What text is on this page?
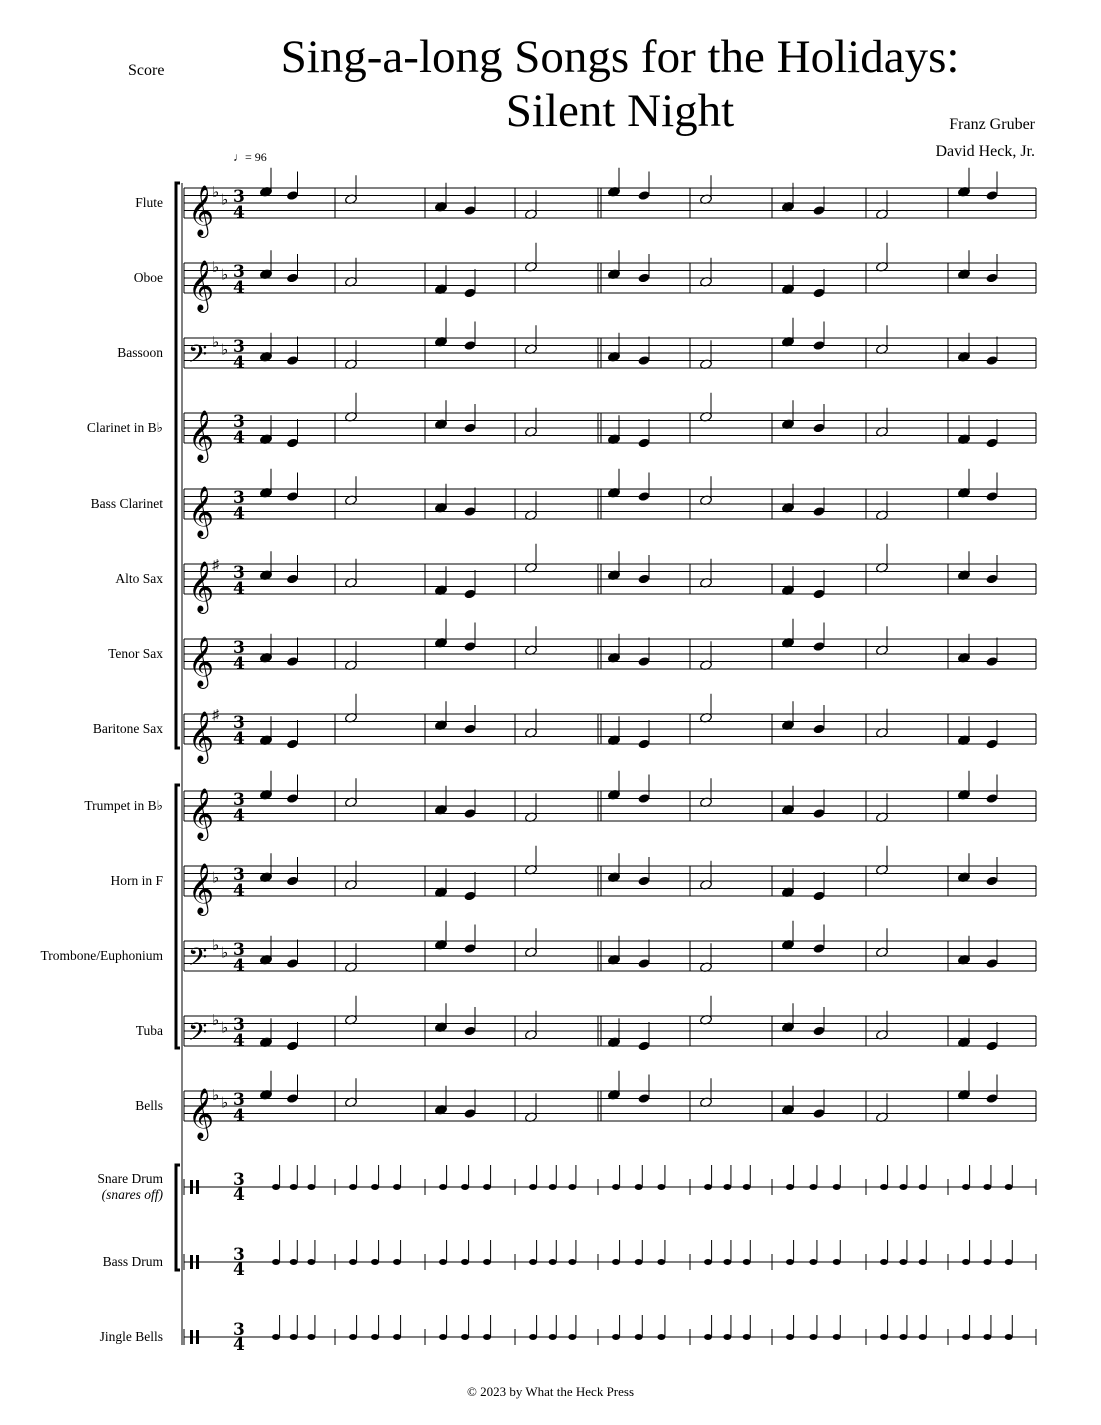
Score	Sing-a-long Songs for the Holidays:
Silent Night	Franz Gruber
David Heck, Jr.
♩= 96
Flute
Oboe
Bassoon
Clarinet in B♭
Bass Clarinet
Alto Sax
Tenor Sax
Baritone Sax
Trumpet in B♭
Horn in F
Trombone/Euphonium
Tuba
Bells
Snare Drum
(snares off)
Bass Drum
Jingle Bells
𝄞
♭ ♭ 3
4
𝄞
♭ ♭ 3
4
𝄢 ♭ ♭ 3
4
𝄞 3
4
𝄞 3
4
𝄞
♯ 3
4
𝄞 3
4
𝄞
♯ 3
4
𝄞 3
4
𝄞
♭ 3
4
𝄢 ♭ ♭ 3
4
𝄢 ♭ ♭ 3
4
𝄞
♭ ♭ 3
4
3
4
3
4
3
4
© 2023 by What the Heck Press
